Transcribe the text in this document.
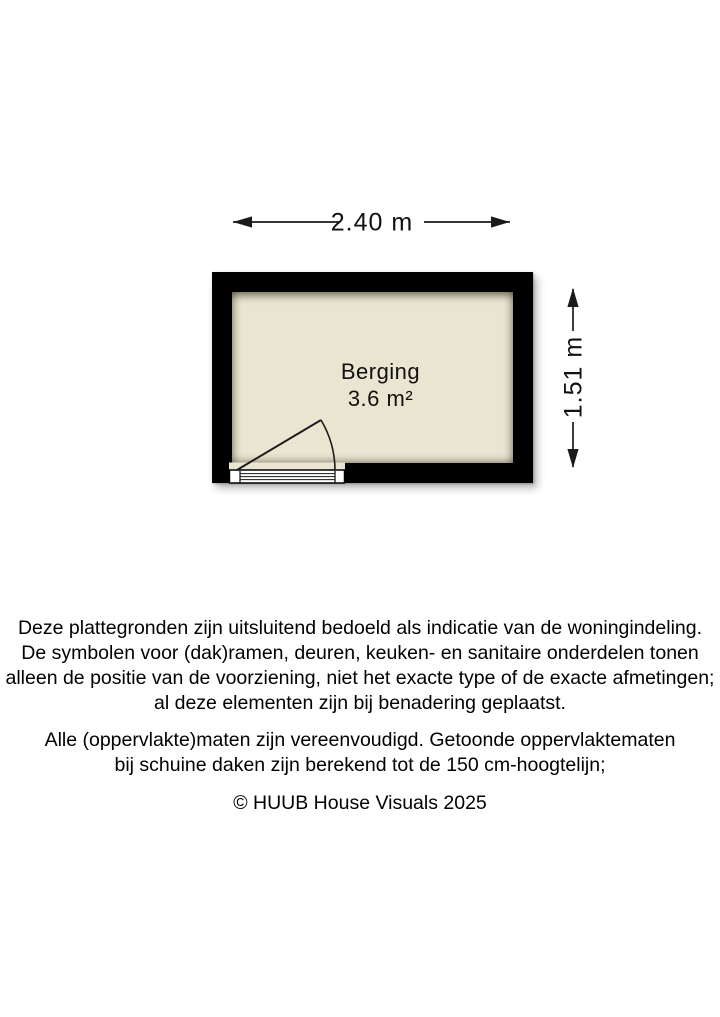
Berging
3.6 m²
2.40 m
1.51 m
Deze plattegronden zijn uitsluitend bedoeld als indicatie van de woningindeling.
De symbolen voor (dak)ramen, deuren, keuken- en sanitaire onderdelen tonen
alleen de positie van de voorziening, niet het exacte type of de exacte afmetingen;
al deze elementen zijn bij benadering geplaatst.
Alle (oppervlakte)maten zijn vereenvoudigd. Getoonde oppervlaktematen
bij schuine daken zijn berekend tot de 150 cm-hoogtelijn;
© HUUB House Visuals 2025
